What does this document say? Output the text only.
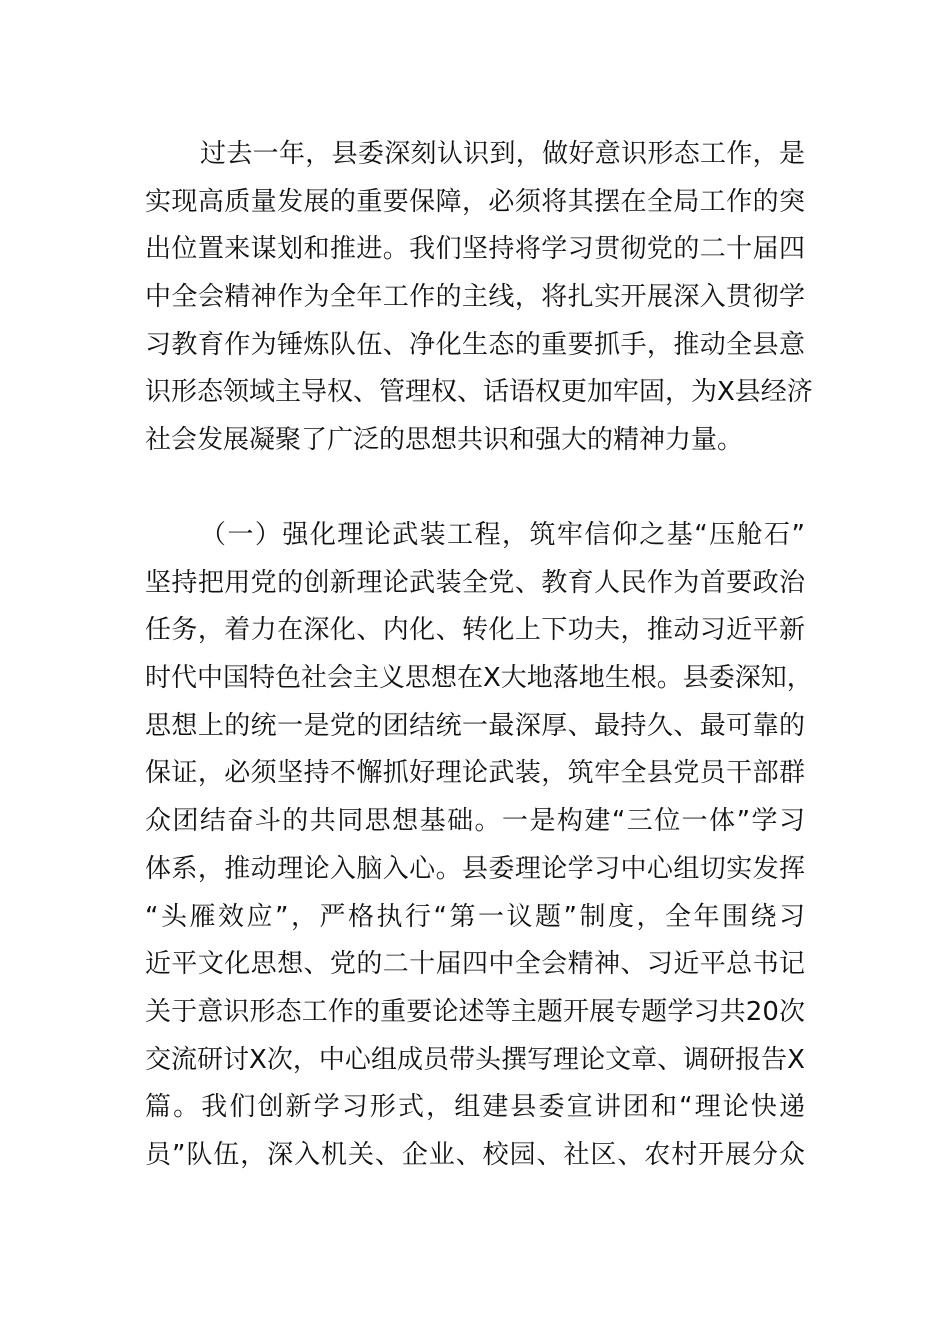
过去一年，县委深刻认识到，做好意识形态工作，是
实现高质量发展的重要保障，必须将其摆在全局工作的突
出位置来谋划和推进。我们坚持将学习贯彻党的二十届四
中全会精神作为全年工作的主线，将扎实开展深入贯彻学
习教育作为锤炼队伍、净化生态的重要抓手，推动全县意
识形态领域主导权、管理权、话语权更加牢固，为X县经济
社会发展凝聚了广泛的思想共识和强大的精神力量。
（一）强化理论武装工程，筑牢信仰之基“压舱石”
坚持把用党的创新理论武装全党、教育人民作为首要政治
任务，着力在深化、内化、转化上下功夫，推动习近平新
时代中国特色社会主义思想在X大地落地生根。县委深知，
思想上的统一是党的团结统一最深厚、最持久、最可靠的
保证，必须坚持不懈抓好理论武装，筑牢全县党员干部群
众团结奋斗的共同思想基础。一是构建“三位一体”学习
体系，推动理论入脑入心。县委理论学习中心组切实发挥
“头雁效应”，严格执行“第一议题”制度，全年围绕习
近平文化思想、党的二十届四中全会精神、习近平总书记
关于意识形态工作的重要论述等主题开展专题学习共20次
交流研讨X次，中心组成员带头撰写理论文章、调研报告X
篇。我们创新学习形式，组建县委宣讲团和“理论快递
员”队伍，深入机关、企业、校园、社区、农村开展分众
